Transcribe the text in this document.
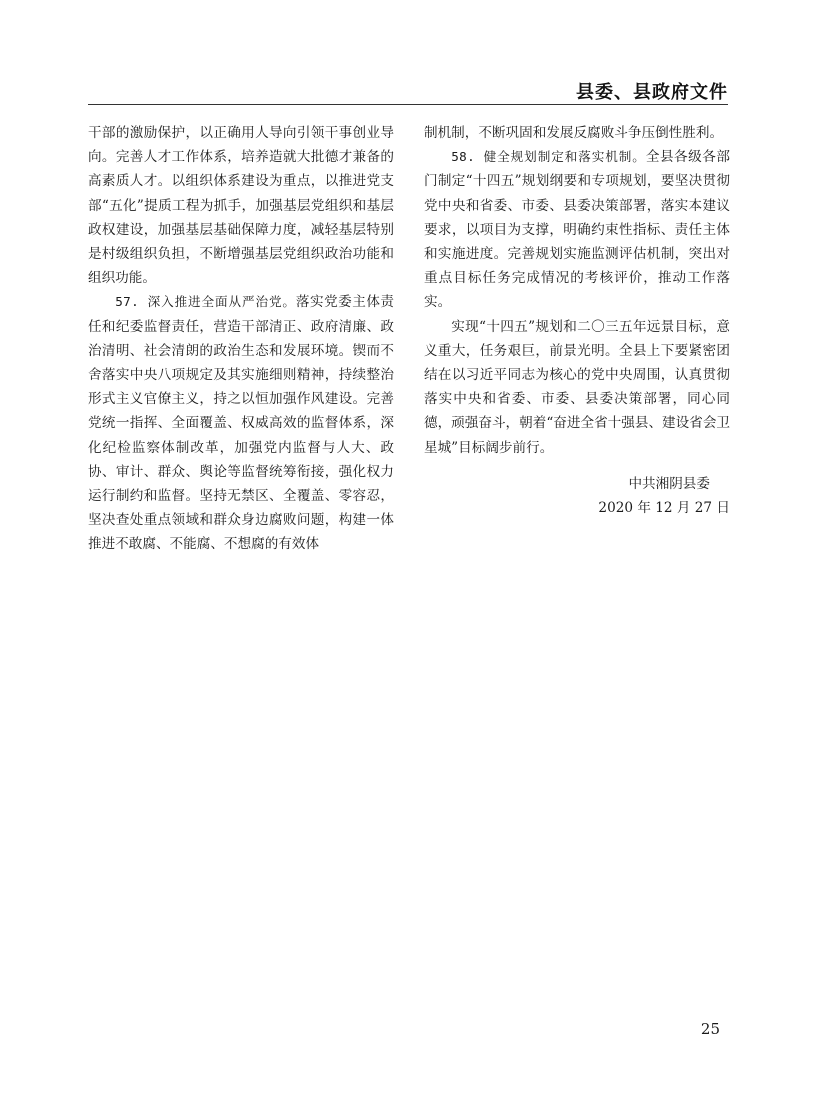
县委、县政府文件

干部的激励保护，以正确用人导向引领干事创业导向。完善人才工作体系，培养造就大批德才兼备的高素质人才。以组织体系建设为重点，以推进党支部“五化”提质工程为抓手，加强基层党组织和基层政权建设，加强基层基础保障力度，减轻基层特别是村级组织负担，不断增强基层党组织政治功能和组织功能。

57. 深入推进全面从严治党。落实党委主体责任和纪委监督责任，营造干部清正、政府清廉、政治清明、社会清朗的政治生态和发展环境。锲而不舍落实中央八项规定及其实施细则精神，持续整治形式主义官僚主义，持之以恒加强作风建设。完善党统一指挥、全面覆盖、权威高效的监督体系，深化纪检监察体制改革，加强党内监督与人大、政协、审计、群众、舆论等监督统筹衔接，强化权力运行制约和监督。坚持无禁区、全覆盖、零容忍，坚决查处重点领域和群众身边腐败问题，构建一体推进不敢腐、不能腐、不想腐的有效体

制机制，不断巩固和发展反腐败斗争压倒性胜利。

58. 健全规划制定和落实机制。全县各级各部门制定“十四五”规划纲要和专项规划，要坚决贯彻党中央和省委、市委、县委决策部署，落实本建议要求，以项目为支撑，明确约束性指标、责任主体和实施进度。完善规划实施监测评估机制，突出对重点目标任务完成情况的考核评价，推动工作落实。

实现“十四五”规划和二〇三五年远景目标，意义重大，任务艰巨，前景光明。全县上下要紧密团结在以习近平同志为核心的党中央周围，认真贯彻落实中央和省委、市委、县委决策部署，同心同德，顽强奋斗，朝着“奋进全省十强县、建设省会卫星城”目标阔步前行。

中共湘阴县委

2020 年 12 月 27 日

25
